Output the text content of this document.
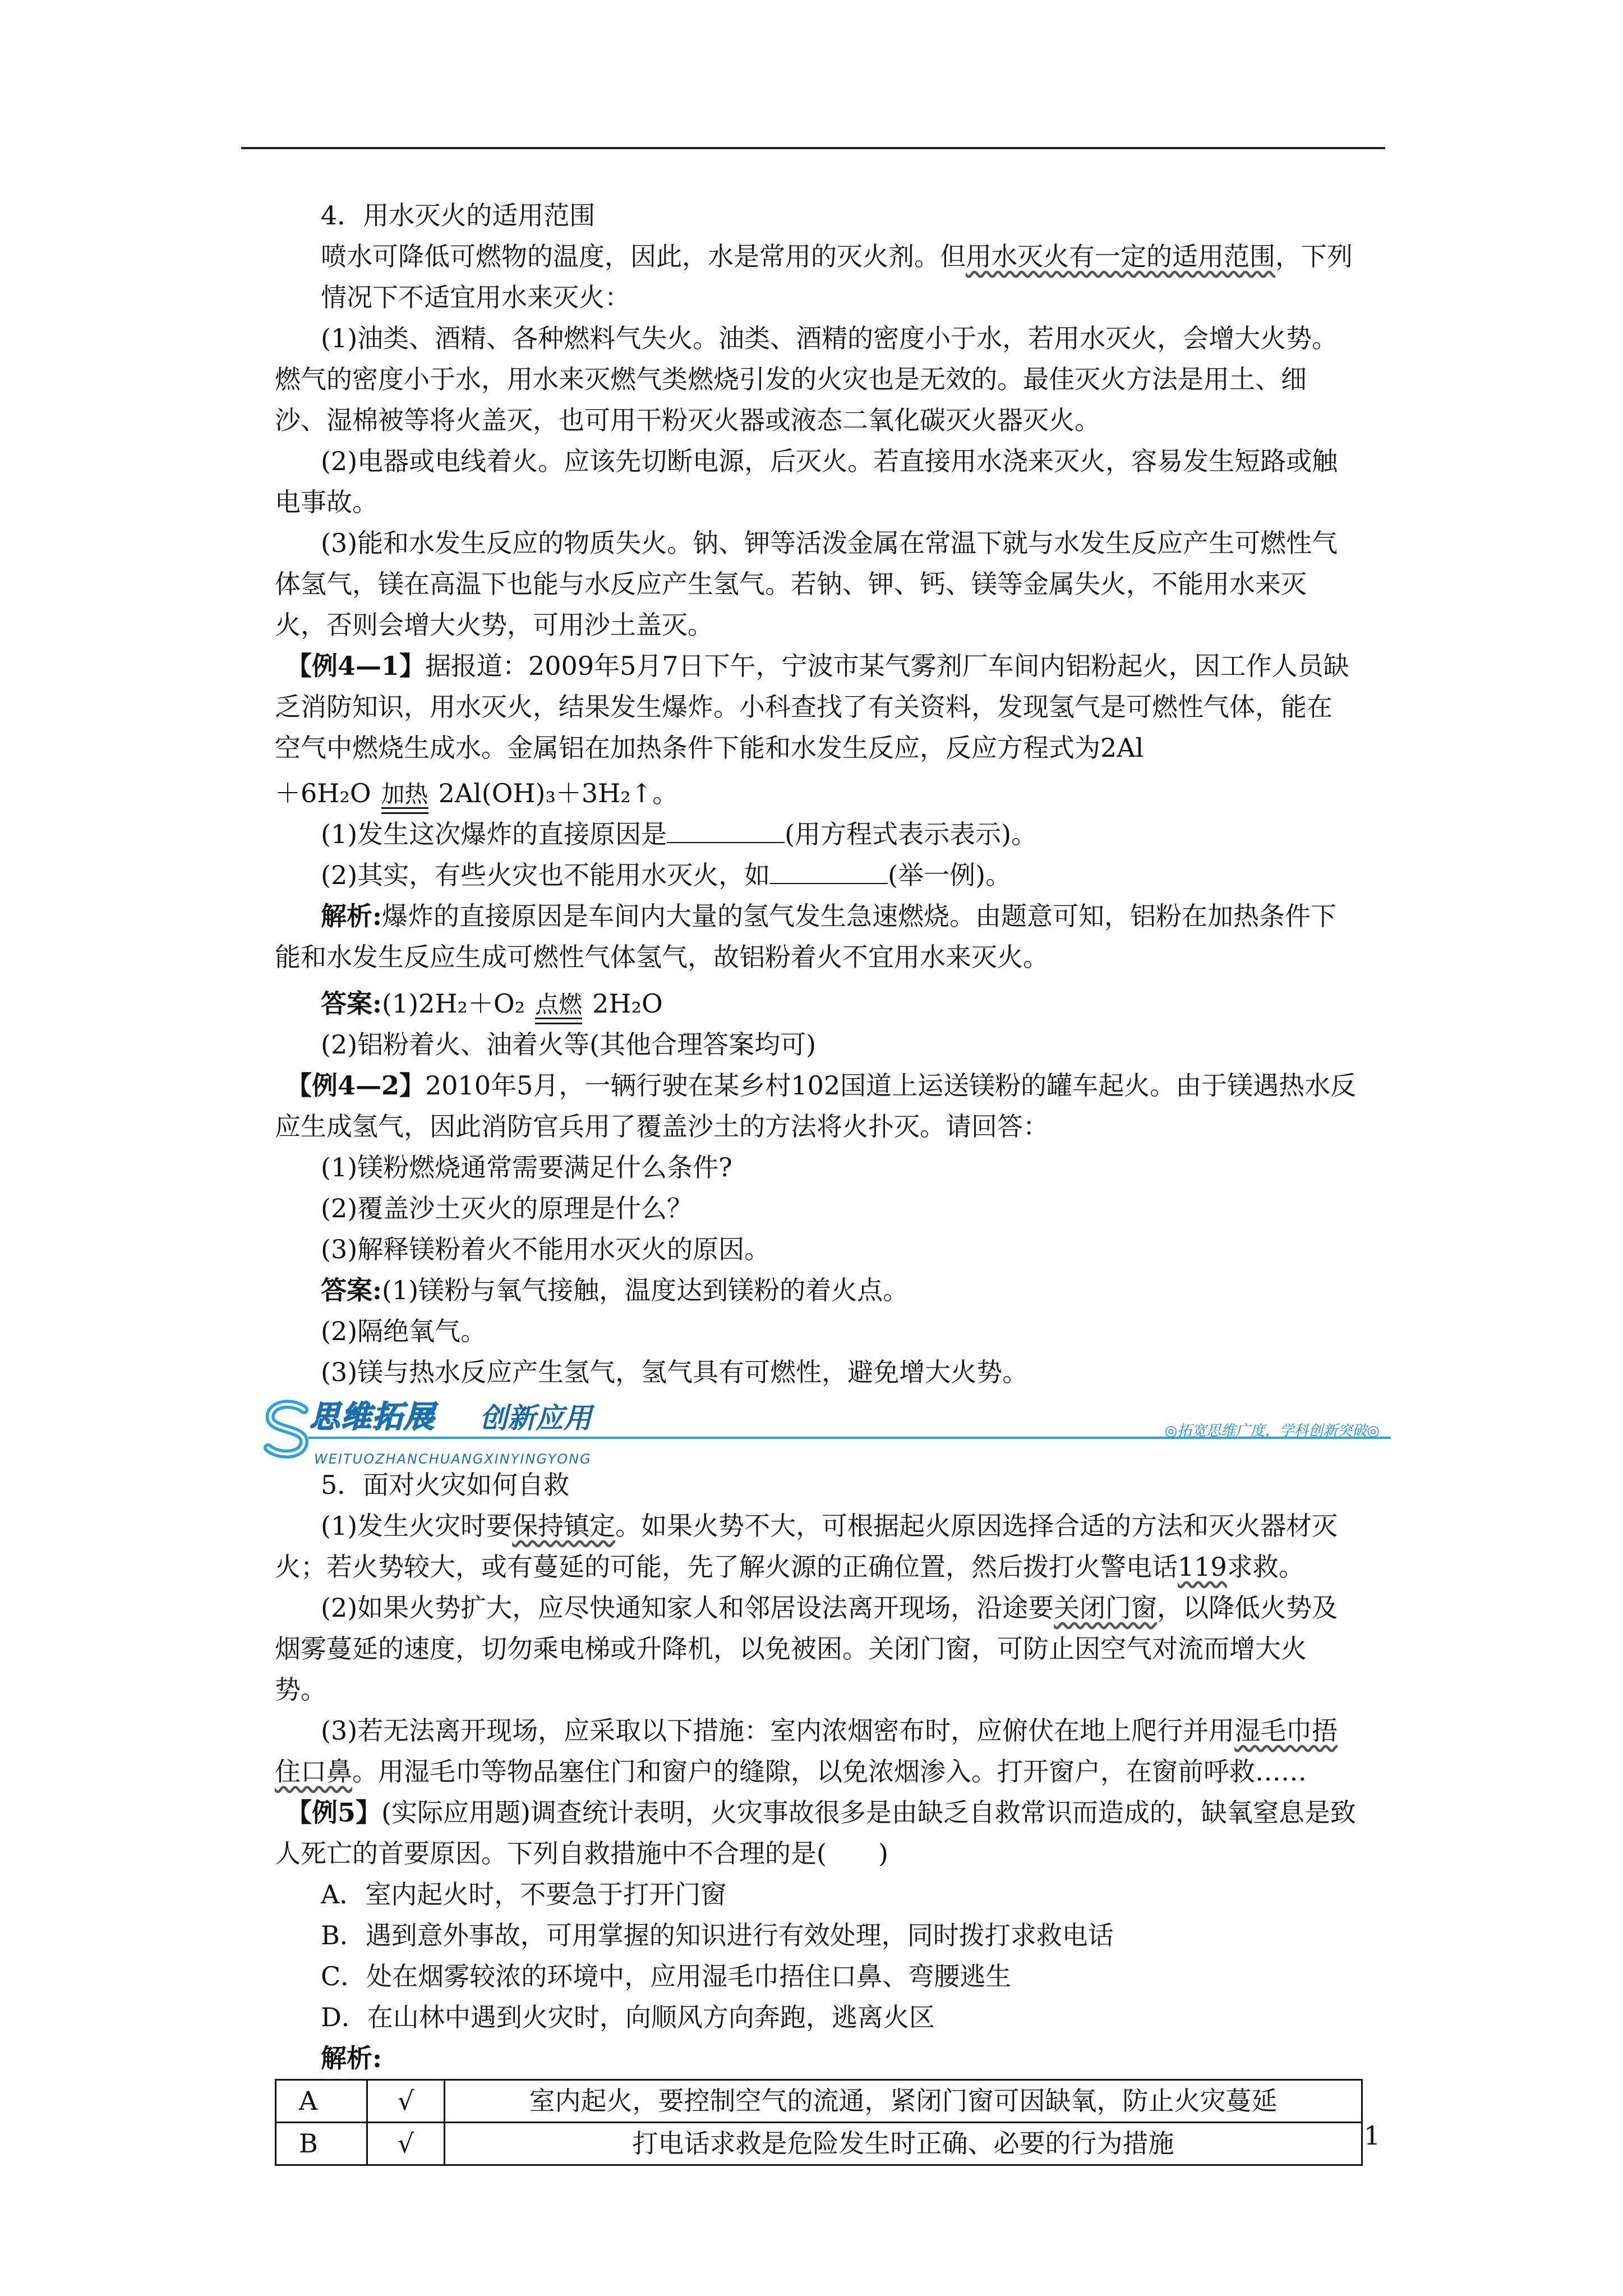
4．用水灭火的适用范围

喷水可降低可燃物的温度，因此，水是常用的灭火剂。但用水灭火有一定的适用范围，下列情况下不适宜用水来灭火：

(1)油类、酒精、各种燃料气失火。油类、酒精的密度小于水，若用水灭火，会增大火势。燃气的密度小于水，用水来灭燃气类燃烧引发的火灾也是无效的。最佳灭火方法是用土、细沙、湿棉被等将火盖灭，也可用干粉灭火器或液态二氧化碳灭火器灭火。

(2)电器或电线着火。应该先切断电源，后灭火。若直接用水浇来灭火，容易发生短路或触电事故。

(3)能和水发生反应的物质失火。钠、钾等活泼金属在常温下就与水发生反应产生可燃性气体氢气，镁在高温下也能与水反应产生氢气。若钠、钾、钙、镁等金属失火，不能用水来灭火，否则会增大火势，可用沙土盖灭。

【例4—1】据报道：2009年5月7日下午，宁波市某气雾剂厂车间内铝粉起火，因工作人员缺乏消防知识，用水灭火，结果发生爆炸。小科查找了有关资料，发现氢气是可燃性气体，能在空气中燃烧生成水。金属铝在加热条件下能和水发生反应，反应方程式为2Al

＋6H₂O 加热 2Al(OH)₃＋3H₂↑。

(1)发生这次爆炸的直接原因是	(用方程式表示表示)。

(2)其实，有些火灾也不能用水灭火，如	(举一例)。

解析:爆炸的直接原因是车间内大量的氢气发生急速燃烧。由题意可知，铝粉在加热条件下能和水发生反应生成可燃性气体氢气，故铝粉着火不宜用水来灭火。

答案:(1)2H₂＋O₂ 点燃 2H₂O

(2)铝粉着火、油着火等(其他合理答案均可)

【例4—2】2010年5月，一辆行驶在某乡村102国道上运送镁粉的罐车起火。由于镁遇热水反应生成氢气，因此消防官兵用了覆盖沙土的方法将火扑灭。请回答：

(1)镁粉燃烧通常需要满足什么条件?

(2)覆盖沙土灭火的原理是什么？

(3)解释镁粉着火不能用水灭火的原因。

答案:(1)镁粉与氧气接触，温度达到镁粉的着火点。

(2)隔绝氧气。

(3)镁与热水反应产生氢气，氢气具有可燃性，避免增大火势。

思维拓展 创新应用
WEITUOZHANCHUANGXINYINGYONG
◎拓宽思维广度，学科创新突破◎

5．面对火灾如何自救

(1)发生火灾时要保持镇定。如果火势不大，可根据起火原因选择合适的方法和灭火器材灭火；若火势较大，或有蔓延的可能，先了解火源的正确位置，然后拨打火警电话119求救。

(2)如果火势扩大，应尽快通知家人和邻居设法离开现场，沿途要关闭门窗，以降低火势及烟雾蔓延的速度，切勿乘电梯或升降机，以免被困。关闭门窗，可防止因空气对流而增大火势。

(3)若无法离开现场，应采取以下措施：室内浓烟密布时，应俯伏在地上爬行并用湿毛巾捂住口鼻。用湿毛巾等物品塞住门和窗户的缝隙，以免浓烟渗入。打开窗户，在窗前呼救……

【例5】(实际应用题)调查统计表明，火灾事故很多是由缺乏自救常识而造成的，缺氧窒息是致人死亡的首要原因。下列自救措施中不合理的是(　　)

A．室内起火时，不要急于打开门窗

B．遇到意外事故，可用掌握的知识进行有效处理，同时拨打求救电话

C．处在烟雾较浓的环境中，应用湿毛巾捂住口鼻、弯腰逃生

D．在山林中遇到火灾时，向顺风方向奔跑，逃离火区

解析:

A	√	室内起火，要控制空气的流通，紧闭门窗可因缺氧，防止火灾蔓延
B	√	打电话求救是危险发生时正确、必要的行为措施	1
